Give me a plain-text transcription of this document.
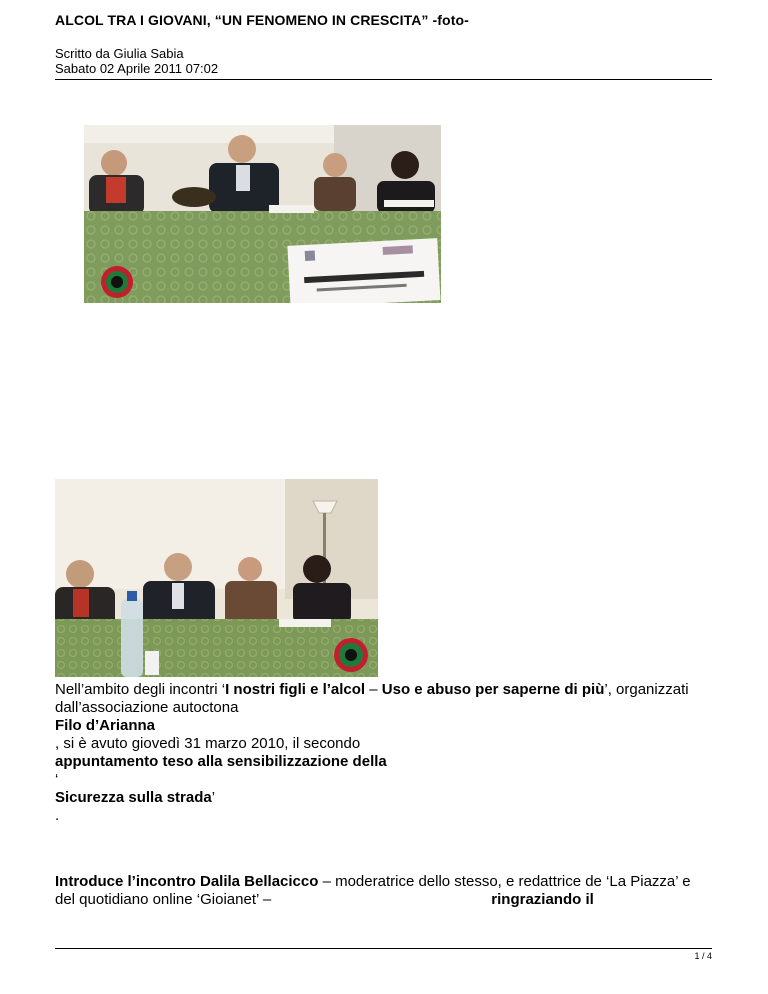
ALCOL TRA I GIOVANI, “UN FENOMENO IN CRESCITA” -foto-
Scritto da Giulia Sabia
Sabato 02 Aprile 2011 07:02
Nell’ambito degli incontri ‘I nostri figli e l’alcol – Uso e abuso per saperne di più’, organizzati
dall’associazione autoctona
Filo d’Arianna
, si è avuto giovedì 31 marzo 2010, il secondo
appuntamento teso alla sensibilizzazione della
‘
Sicurezza sulla strada’
.
Introduce l’incontro Dalila Bellacicco – moderatrice dello stesso, e redattrice de ‘La Piazza’ e
del quotidiano online ‘Gioianet’ –	ringraziando il
1 / 4
